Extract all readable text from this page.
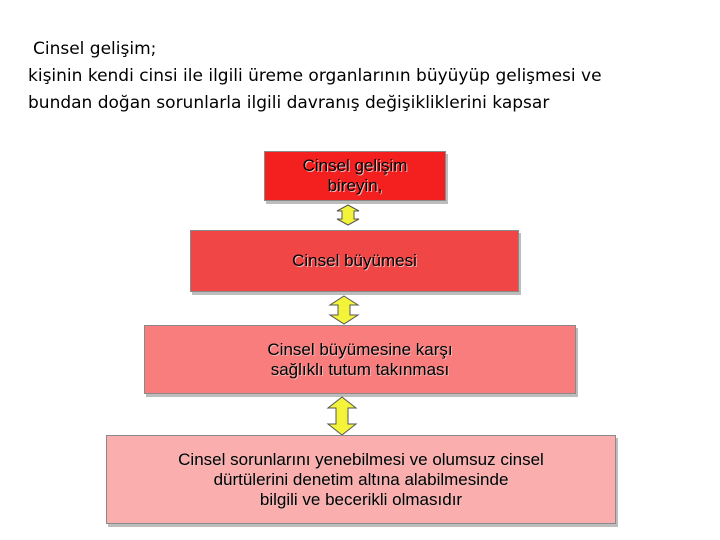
Cinsel gelişim;
kişinin kendi cinsi ile ilgili üreme organlarının büyüyüp gelişmesi ve
bundan doğan sorunlarla ilgili davranış değişikliklerini kapsar
Cinsel gelişim
bireyin,
Cinsel büyümesi
Cinsel büyümesine karşı
sağlıklı tutum takınması
Cinsel sorunlarını yenebilmesi ve olumsuz cinsel
dürtülerini denetim altına alabilmesinde
bilgili ve becerikli olmasıdır
